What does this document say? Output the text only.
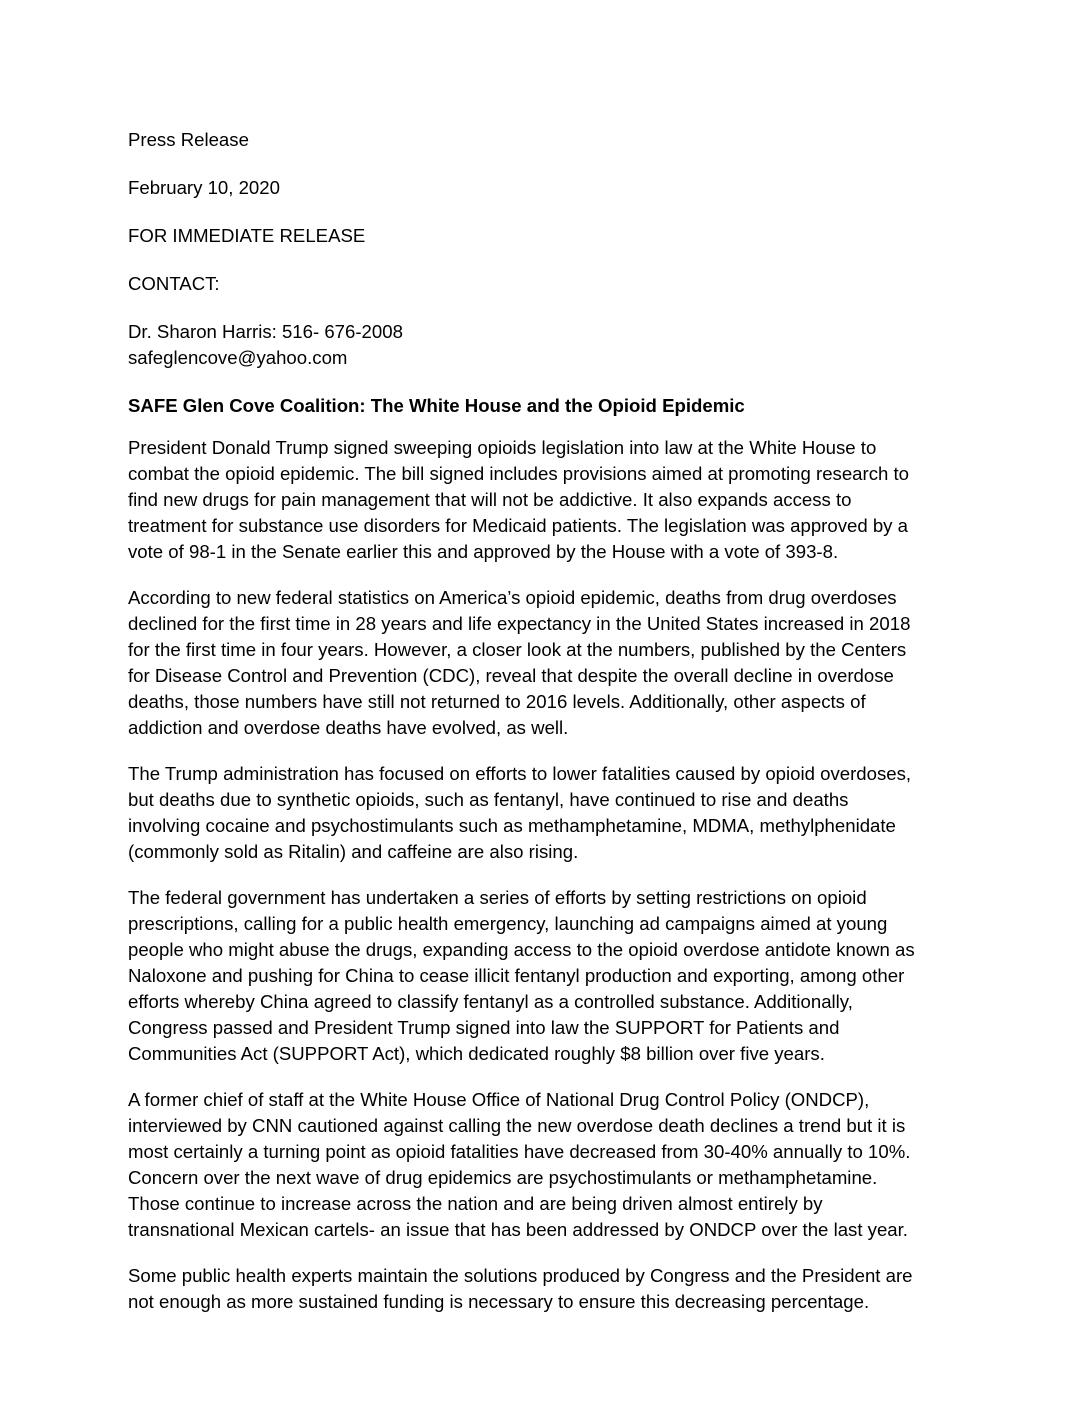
Press Release

February 10, 2020

FOR IMMEDIATE RELEASE

CONTACT:

Dr. Sharon Harris: 516- 676-2008

safeglencove@yahoo.com

SAFE Glen Cove Coalition: The White House and the Opioid Epidemic

President Donald Trump signed sweeping opioids legislation into law at the White House to
combat the opioid epidemic. The bill signed includes provisions aimed at promoting research to
find new drugs for pain management that will not be addictive. It also expands access to
treatment for substance use disorders for Medicaid patients. The legislation was approved by a
vote of 98-1 in the Senate earlier this and approved by the House with a vote of 393-8.
According to new federal statistics on America’s opioid epidemic, deaths from drug overdoses
declined for the first time in 28 years and life expectancy in the United States increased in 2018
for the first time in four years. However, a closer look at the numbers, published by the Centers
for Disease Control and Prevention (CDC), reveal that despite the overall decline in overdose
deaths, those numbers have still not returned to 2016 levels. Additionally, other aspects of
addiction and overdose deaths have evolved, as well.
The Trump administration has focused on efforts to lower fatalities caused by opioid overdoses,
but deaths due to synthetic opioids, such as fentanyl, have continued to rise and deaths
involving cocaine and psychostimulants such as methamphetamine, MDMA, methylphenidate
(commonly sold as Ritalin) and caffeine are also rising.
The federal government has undertaken a series of efforts by setting restrictions on opioid
prescriptions, calling for a public health emergency, launching ad campaigns aimed at young
people who might abuse the drugs, expanding access to the opioid overdose antidote known as
Naloxone and pushing for China to cease illicit fentanyl production and exporting, among other
efforts whereby China agreed to classify fentanyl as a controlled substance. Additionally,
Congress passed and President Trump signed into law the SUPPORT for Patients and
Communities Act (SUPPORT Act), which dedicated roughly $8 billion over five years.
A former chief of staff at the White House Office of National Drug Control Policy (ONDCP),
interviewed by CNN cautioned against calling the new overdose death declines a trend but it is
most certainly a turning point as opioid fatalities have decreased from 30-40% annually to 10%.
Concern over the next wave of drug epidemics are psychostimulants or methamphetamine.
Those continue to increase across the nation and are being driven almost entirely by
transnational Mexican cartels- an issue that has been addressed by ONDCP over the last year.
Some public health experts maintain the solutions produced by Congress and the President are
not enough as more sustained funding is necessary to ensure this decreasing percentage.
